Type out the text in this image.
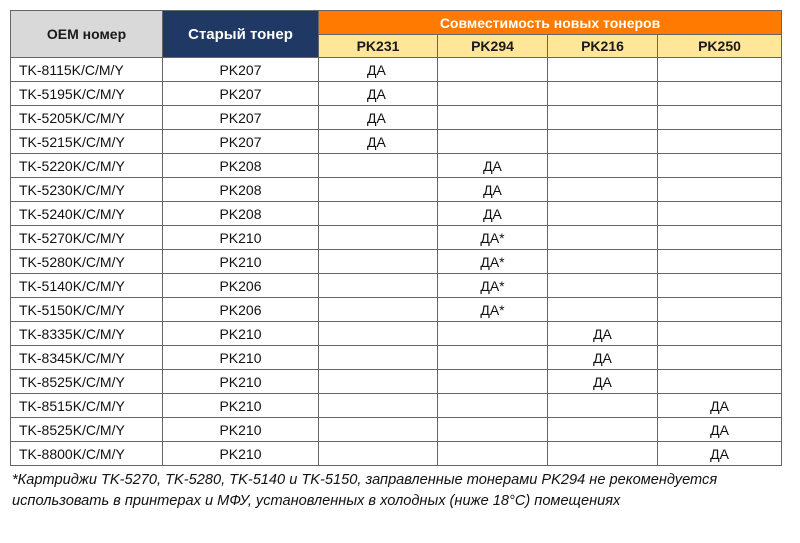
OEM номер	Старый тонер	Совместимость новых тонеров			
		PK231	PK294	PK216	PK250
TK-8115K/C/M/Y	PK207	ДА			
TK-5195K/C/M/Y	PK207	ДА			
TK-5205K/C/M/Y	PK207	ДА			
TK-5215K/C/M/Y	PK207	ДА			
TK-5220K/C/M/Y	PK208		ДА		
TK-5230K/C/M/Y	PK208		ДА		
TK-5240K/C/M/Y	PK208		ДА		
TK-5270K/C/M/Y	PK210		ДА*		
TK-5280K/C/M/Y	PK210		ДА*		
TK-5140K/C/M/Y	PK206		ДА*		
TK-5150K/C/M/Y	PK206		ДА*		
TK-8335K/C/M/Y	PK210			ДА	
TK-8345K/C/M/Y	PK210			ДА	
TK-8525K/C/M/Y	PK210			ДА	
TK-8515K/C/M/Y	PK210				ДА
TK-8525K/C/M/Y	PK210				ДА
TK-8800K/C/M/Y	PK210				ДА
*Картриджи TK-5270, TK-5280, TK-5140 и TK-5150, заправленные тонерами PK294 не рекомендуется использовать в принтерах и МФУ, установленных в холодных (ниже 18°С) помещениях
